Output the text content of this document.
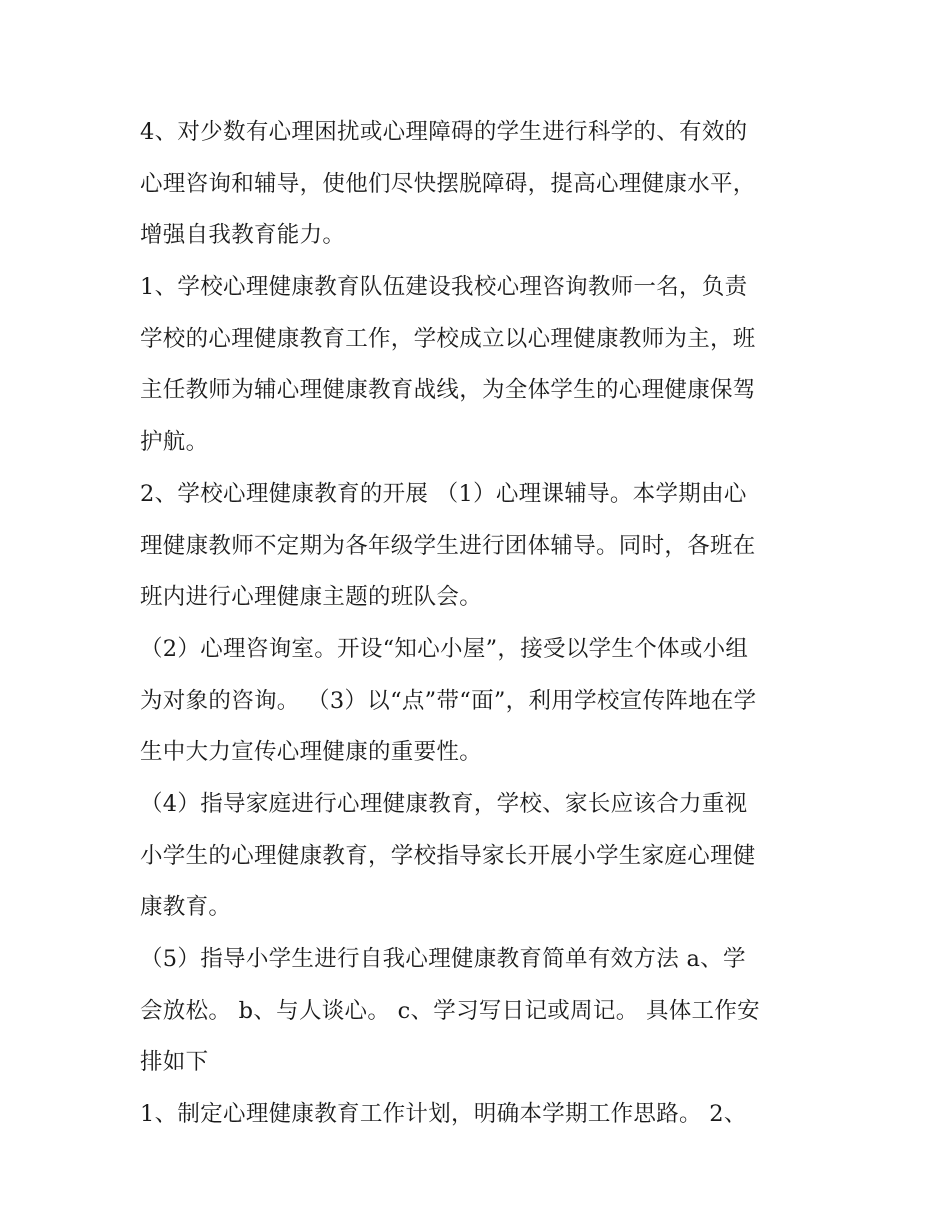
4、对少数有心理困扰或心理障碍的学生进行科学的、有效的
心理咨询和辅导，使他们尽快摆脱障碍，提高心理健康水平，
增强自我教育能力。
1、学校心理健康教育队伍建设我校心理咨询教师一名，负责
学校的心理健康教育工作，学校成立以心理健康教师为主，班
主任教师为辅心理健康教育战线，为全体学生的心理健康保驾
护航。
2、学校心理健康教育的开展 （1）心理课辅导。本学期由心
理健康教师不定期为各年级学生进行团体辅导。同时，各班在
班内进行心理健康主题的班队会。
（2）心理咨询室。开设“知心小屋”，接受以学生个体或小组
为对象的咨询。 （3）以“点”带“面”，利用学校宣传阵地在学
生中大力宣传心理健康的重要性。
（4）指导家庭进行心理健康教育，学校、家长应该合力重视
小学生的心理健康教育，学校指导家长开展小学生家庭心理健
康教育。
（5）指导小学生进行自我心理健康教育简单有效方法 a、学
会放松。 b、与人谈心。 c、学习写日记或周记。 具体工作安
排如下
1、制定心理健康教育工作计划，明确本学期工作思路。 2、
